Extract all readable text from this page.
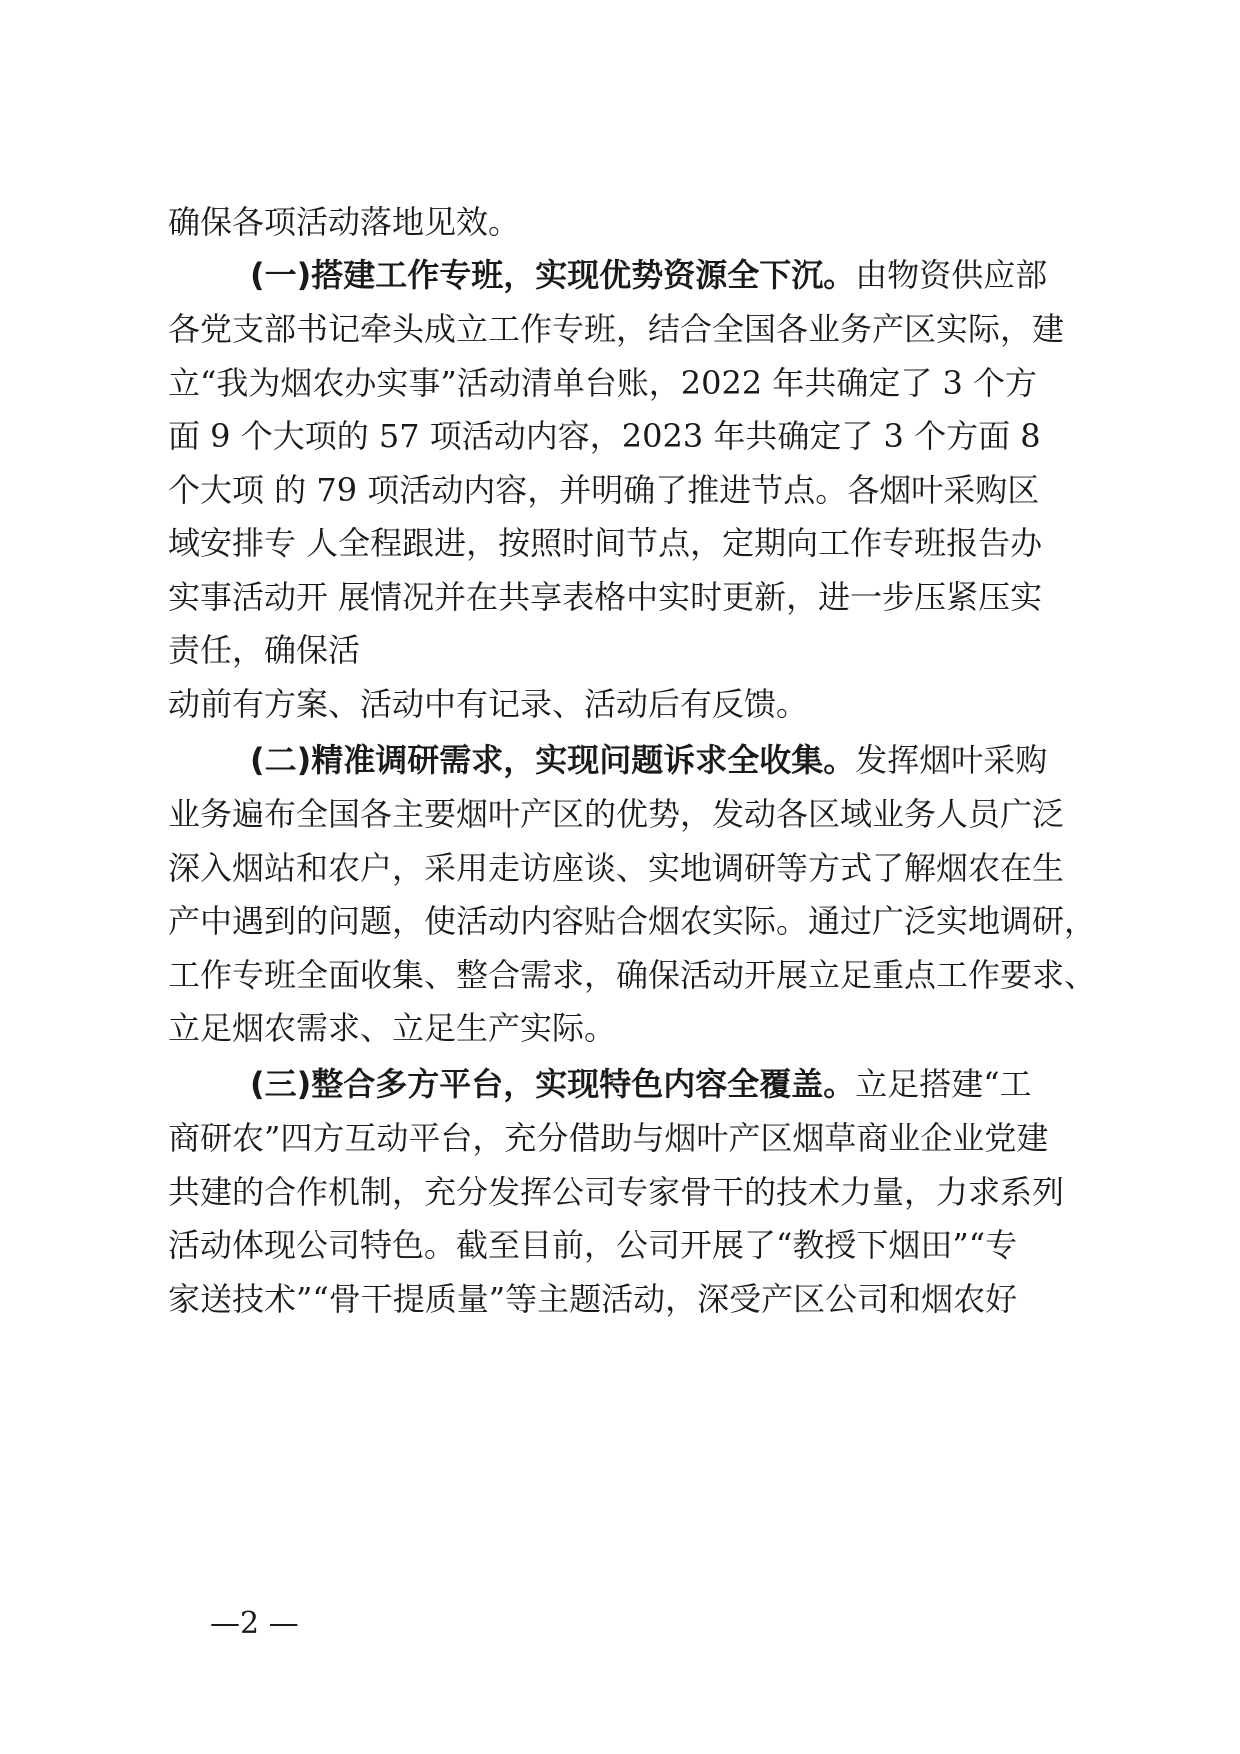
确保各项活动落地见效。
(一)搭建工作专班，实现优势资源全下沉。由物资供应部
各党支部书记牵头成立工作专班，结合全国各业务产区实际，建
立“我为烟农办实事”活动清单台账，2022 年共确定了 3 个方
面 9 个大项的 57 项活动内容，2023 年共确定了 3 个方面 8
个大项 的 79 项活动内容，并明确了推进节点。各烟叶采购区
域安排专 人全程跟进，按照时间节点，定期向工作专班报告办
实事活动开 展情况并在共享表格中实时更新，进一步压紧压实
责任，确保活
动前有方案、活动中有记录、活动后有反馈。
(二)精准调研需求，实现问题诉求全收集。发挥烟叶采购
业务遍布全国各主要烟叶产区的优势，发动各区域业务人员广泛
深入烟站和农户，采用走访座谈、实地调研等方式了解烟农在生
产中遇到的问题，使活动内容贴合烟农实际。通过广泛实地调研，
工作专班全面收集、整合需求，确保活动开展立足重点工作要求、
立足烟农需求、立足生产实际。
(三)整合多方平台，实现特色内容全覆盖。立足搭建“工
商研农”四方互动平台，充分借助与烟叶产区烟草商业企业党建
共建的合作机制，充分发挥公司专家骨干的技术力量，力求系列
活动体现公司特色。截至目前，公司开展了“教授下烟田”“专
家送技术”“骨干提质量”等主题活动，深受产区公司和烟农好
—2 —
